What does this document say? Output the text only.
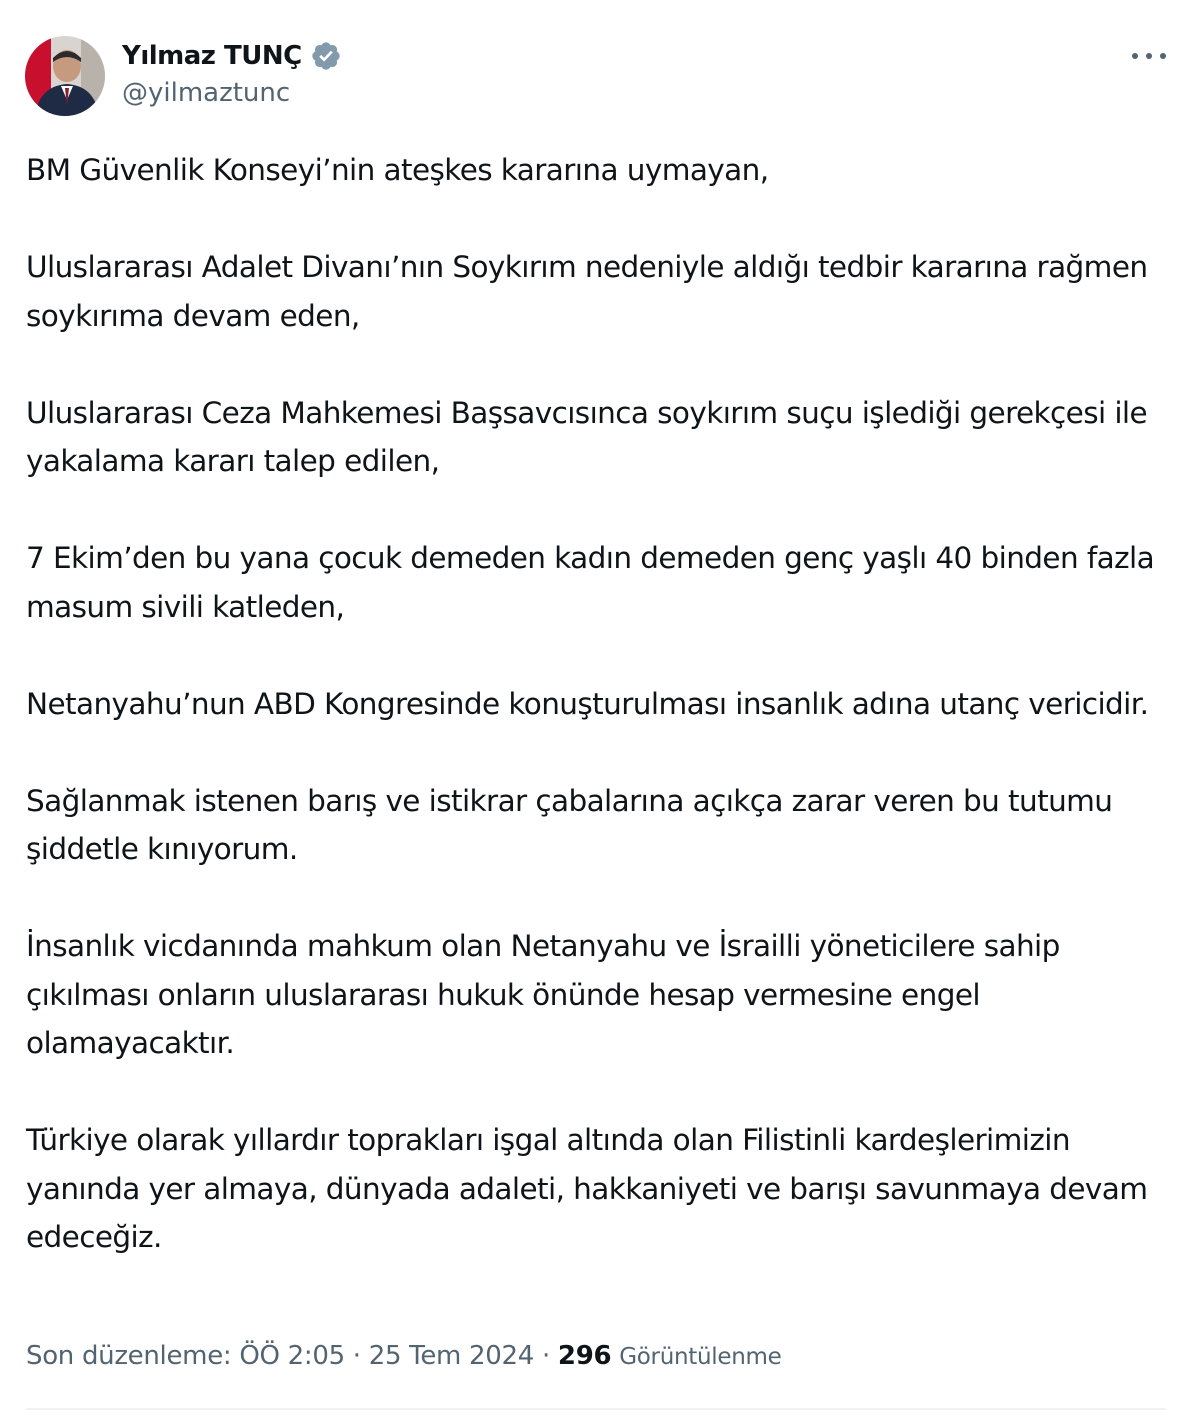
Yılmaz TUNÇ
@yilmaztunc

BM Güvenlik Konseyi’nin ateşkes kararına uymayan,

Uluslararası Adalet Divanı’nın Soykırım nedeniyle aldığı tedbir kararına rağmen soykırıma devam eden,

Uluslararası Ceza Mahkemesi Başsavcısınca soykırım suçu işlediği gerekçesi ile yakalama kararı talep edilen,

7 Ekim’den bu yana çocuk demeden kadın demeden genç yaşlı 40 binden fazla masum sivili katleden,

Netanyahu’nun ABD Kongresinde konuşturulması insanlık adına utanç vericidir.

Sağlanmak istenen barış ve istikrar çabalarına açıkça zarar veren bu tutumu şiddetle kınıyorum.

İnsanlık vicdanında mahkum olan Netanyahu ve İsrailli yöneticilere sahip çıkılması onların uluslararası hukuk önünde hesap vermesine engel olamayacaktır.

Türkiye olarak yıllardır toprakları işgal altında olan Filistinli kardeşlerimizin yanında yer almaya, dünyada adaleti, hakkaniyeti ve barışı savunmaya devam edeceğiz.

Son düzenleme: ÖÖ 2:05 · 25 Tem 2024 · 296 Görüntülenme
